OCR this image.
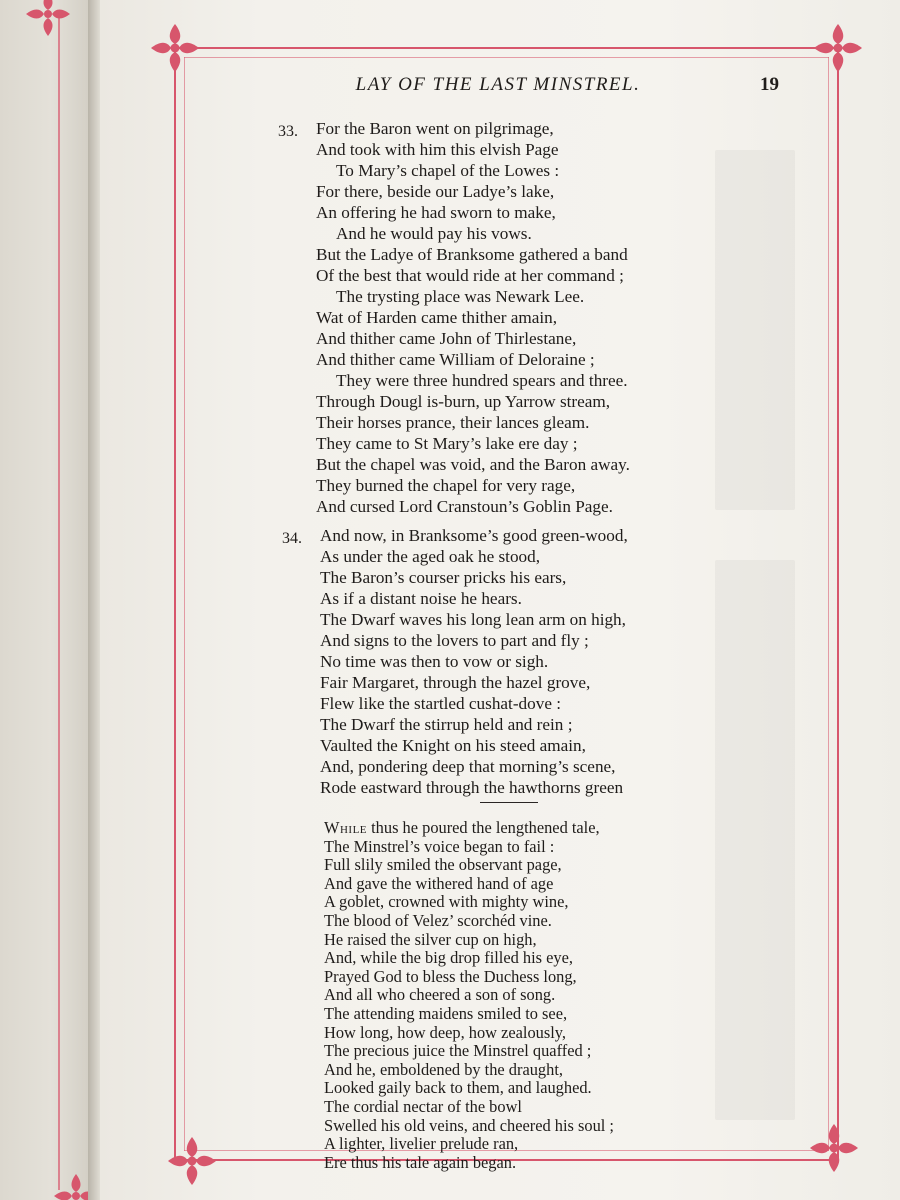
LAY OF THE LAST MINSTREL.	19
33. For the Baron went on pilgrimage,
And took with him this elvish Page
To Mary’s chapel of the Lowes :
For there, beside our Ladye’s lake,
An offering he had sworn to make,
And he would pay his vows.
But the Ladye of Branksome gathered a band
Of the best that would ride at her command ;
The trysting place was Newark Lee.
Wat of Harden came thither amain,
And thither came John of Thirlestane,
And thither came William of Deloraine ;
They were three hundred spears and three.
Through Dougl is-burn, up Yarrow stream,
Their horses prance, their lances gleam.
They came to St Mary’s lake ere day ;
But the chapel was void, and the Baron away.
They burned the chapel for very rage,
And cursed Lord Cranstoun’s Goblin Page.
34. And now, in Branksome’s good green-wood,
As under the aged oak he stood,
The Baron’s courser pricks his ears,
As if a distant noise he hears.
The Dwarf waves his long lean arm on high,
And signs to the lovers to part and fly ;
No time was then to vow or sigh.
Fair Margaret, through the hazel grove,
Flew like the startled cushat-dove :
The Dwarf the stirrup held and rein ;
Vaulted the Knight on his steed amain,
And, pondering deep that morning’s scene,
Rode eastward through the hawthorns green
While thus he poured the lengthened tale,
The Minstrel’s voice began to fail :
Full slily smiled the observant page,
And gave the withered hand of age
A goblet, crowned with mighty wine,
The blood of Velez’ scorchéd vine.
He raised the silver cup on high,
And, while the big drop filled his eye,
Prayed God to bless the Duchess long,
And all who cheered a son of song.
The attending maidens smiled to see,
How long, how deep, how zealously,
The precious juice the Minstrel quaffed ;
And he, emboldened by the draught,
Looked gaily back to them, and laughed.
The cordial nectar of the bowl
Swelled his old veins, and cheered his soul ;
A lighter, livelier prelude ran,
Ere thus his tale again began.
